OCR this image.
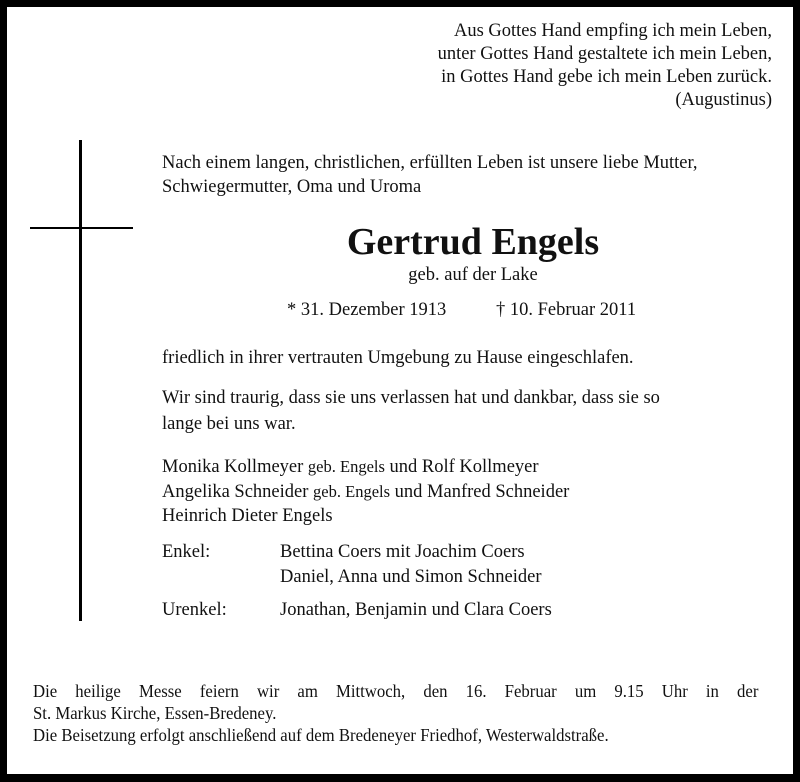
Aus Gottes Hand empfing ich mein Leben,
unter Gottes Hand gestaltete ich mein Leben,
in Gottes Hand gebe ich mein Leben zurück.
(Augustinus)
Nach einem langen, christlichen, erfüllten Leben ist unsere liebe Mutter,
Schwiegermutter, Oma und Uroma
Gertrud Engels
geb. auf der Lake
* 31. Dezember 1913	† 10. Februar 2011
friedlich in ihrer vertrauten Umgebung zu Hause eingeschlafen.
Wir sind traurig, dass sie uns verlassen hat und dankbar, dass sie so
lange bei uns war.
Monika Kollmeyer geb. Engels und Rolf Kollmeyer
Angelika Schneider geb. Engels und Manfred Schneider
Heinrich Dieter Engels
Enkel:	Bettina Coers mit Joachim Coers
Daniel, Anna und Simon Schneider
Urenkel:	Jonathan, Benjamin und Clara Coers
Die heilige Messe feiern wir am Mittwoch, den 16. Februar um 9.15 Uhr in der
St. Markus Kirche, Essen-Bredeney.
Die Beisetzung erfolgt anschließend auf dem Bredeneyer Friedhof, Westerwaldstraße.
